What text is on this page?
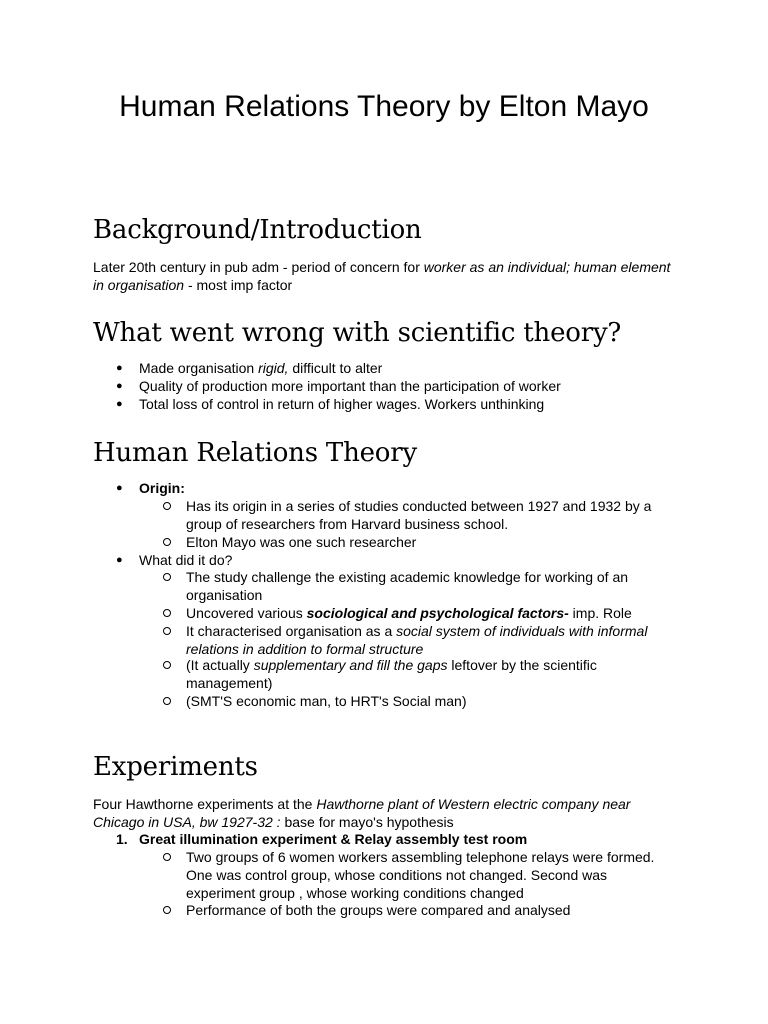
Human Relations Theory by Elton Mayo
Background/Introduction

Later 20th century in pub adm - period of concern for worker as an individual; human element in organisation - most imp factor

What went wrong with scientific theory?
● Made organisation rigid, difficult to alter
● Quality of production more important than the participation of worker
● Total loss of control in return of higher wages. Workers unthinking
Human Relations Theory
● Origin:
Has its origin in a series of studies conducted between 1927 and 1932 by a
group of researchers from Harvard business school.
Elton Mayo was one such researcher
● What did it do?
The study challenge the existing academic knowledge for working of an
organisation
Uncovered various sociological and psychological factors- imp. Role
It characterised organisation as a social system of individuals with informal
relations in addition to formal structure
(It actually supplementary and fill the gaps leftover by the scientific
management)
(SMT'S economic man, to HRT's Social man)
Experiments
Four Hawthorne experiments at the Hawthorne plant of Western electric company near
Chicago in USA, bw 1927-32 : base for mayo's hypothesis
1. Great illumination experiment & Relay assembly test room
Two groups of 6 women workers assembling telephone relays were formed.
One was control group, whose conditions not changed. Second was
experiment group , whose working conditions changed
Performance of both the groups were compared and analysed
